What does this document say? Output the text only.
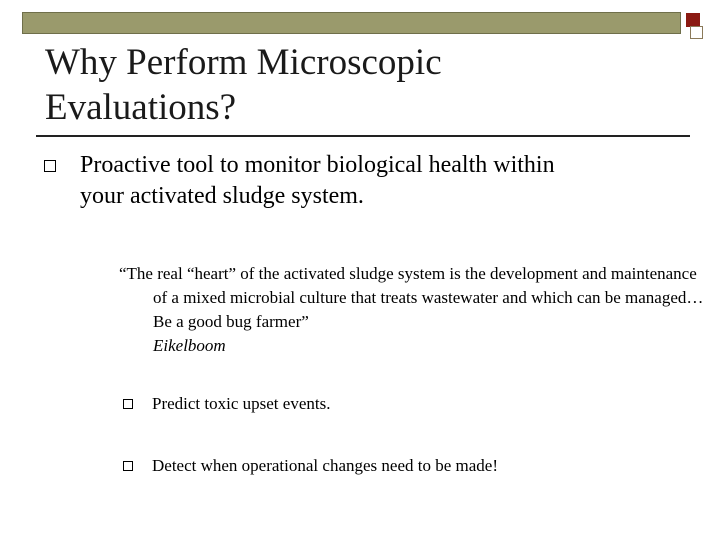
Why Perform Microscopic
Evaluations?
Proactive tool to monitor biological health within
your activated sludge system.
“The real “heart” of the activated sludge system is the development and maintenance of a mixed microbial culture that treats wastewater and which can be managed… Be a good bug farmer”
Eikelboom
Predict toxic upset events.
Detect when operational changes need to be made!
